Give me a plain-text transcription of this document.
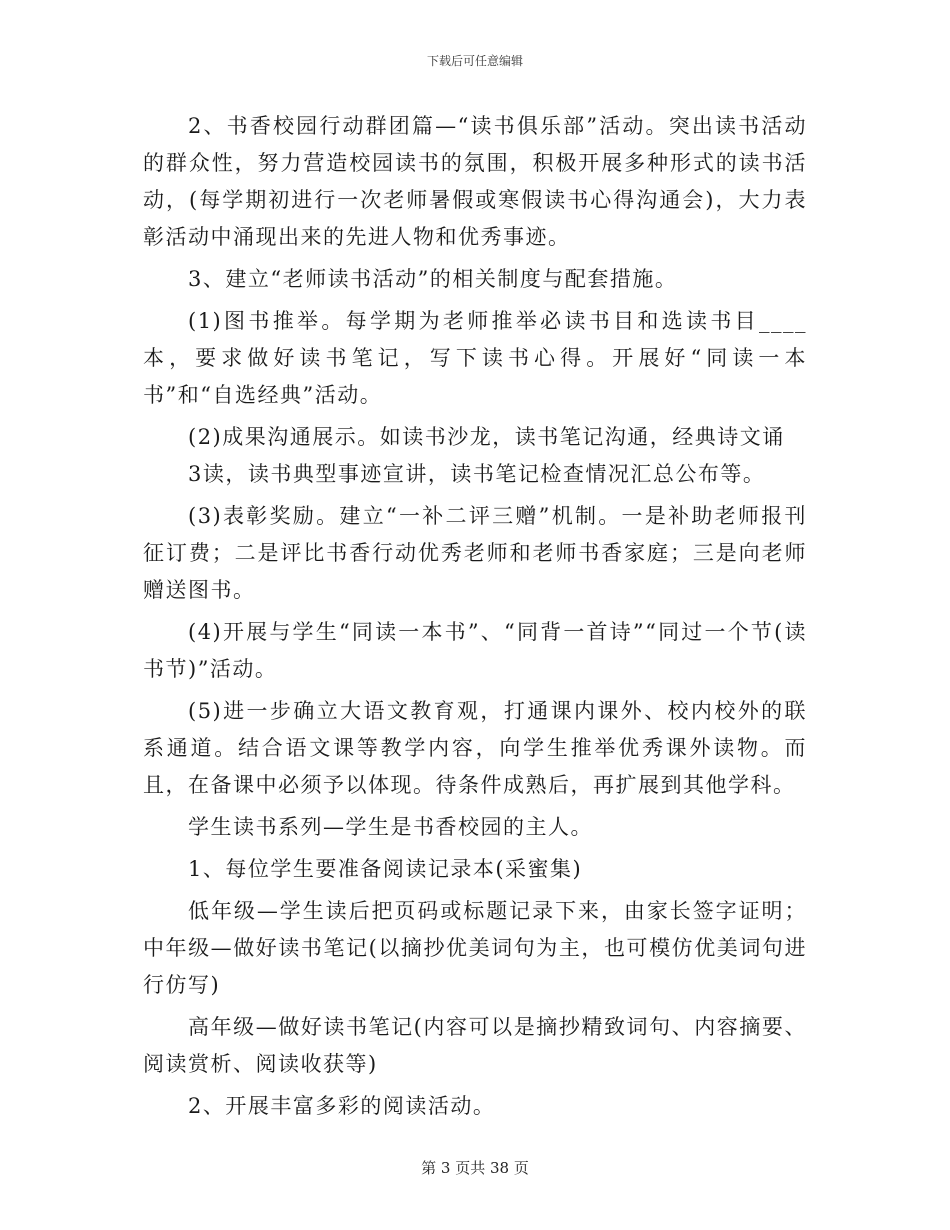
下载后可任意编辑

2、书香校园行动群团篇—“读书俱乐部”活动。突出读书活动的群众性，努力营造校园读书的氛围，积极开展多种形式的读书活动，(每学期初进行一次老师暑假或寒假读书心得沟通会)，大力表彰活动中涌现出来的先进人物和优秀事迹。

3、建立“老师读书活动”的相关制度与配套措施。

(1)图书推举。每学期为老师推举必读书目和选读书目____本，要求做好读书笔记，写下读书心得。开展好“同读一本书”和“自选经典”活动。

(2)成果沟通展示。如读书沙龙，读书笔记沟通，经典诗文诵

3读，读书典型事迹宣讲，读书笔记检查情况汇总公布等。

(3)表彰奖励。建立“一补二评三赠”机制。一是补助老师报刊征订费；二是评比书香行动优秀老师和老师书香家庭；三是向老师赠送图书。

(4)开展与学生“同读一本书”、“同背一首诗”“同过一个节(读书节)”活动。

(5)进一步确立大语文教育观，打通课内课外、校内校外的联系通道。结合语文课等教学内容，向学生推举优秀课外读物。而且，在备课中必须予以体现。待条件成熟后，再扩展到其他学科。

学生读书系列—学生是书香校园的主人。

1、每位学生要准备阅读记录本(采蜜集)

低年级—学生读后把页码或标题记录下来，由家长签字证明；中年级—做好读书笔记(以摘抄优美词句为主，也可模仿优美词句进行仿写)

高年级—做好读书笔记(内容可以是摘抄精致词句、内容摘要、阅读赏析、阅读收获等)

2、开展丰富多彩的阅读活动。

第 3 页共 38 页
